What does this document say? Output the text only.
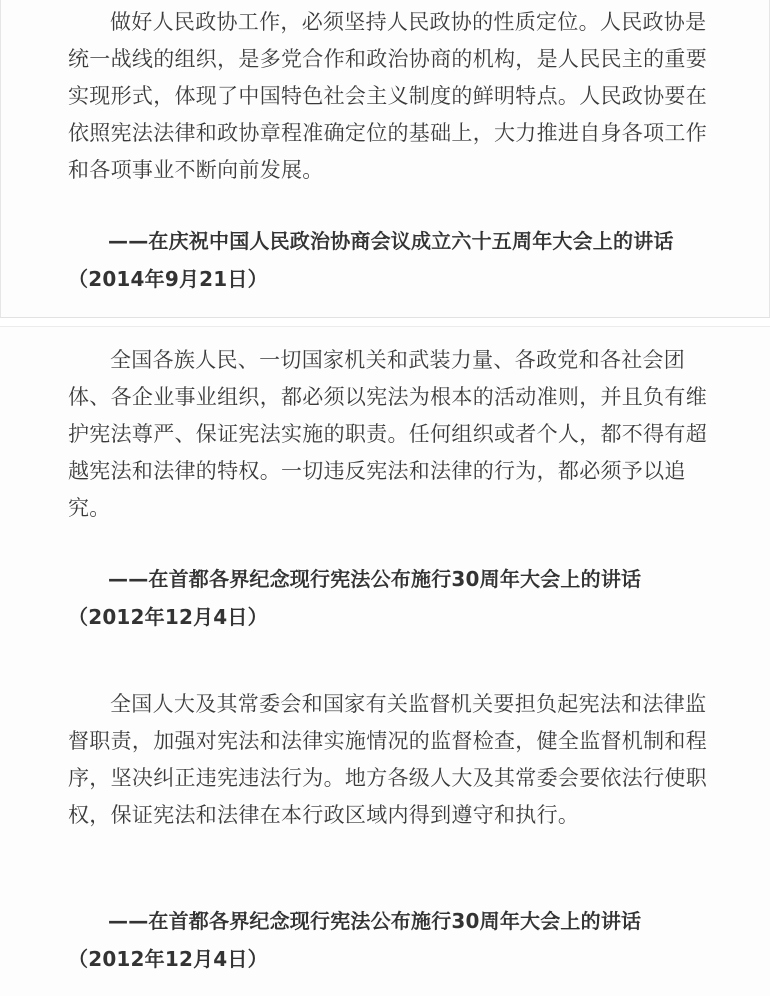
做好人民政协工作，必须坚持人民政协的性质定位。人民政协是统一战线的组织，是多党合作和政治协商的机构，是人民民主的重要实现形式，体现了中国特色社会主义制度的鲜明特点。人民政协要在依照宪法法律和政协章程准确定位的基础上，大力推进自身各项工作和各项事业不断向前发展。

——在庆祝中国人民政治协商会议成立六十五周年大会上的讲话（2014年9月21日）

全国各族人民、一切国家机关和武装力量、各政党和各社会团体、各企业事业组织，都必须以宪法为根本的活动准则，并且负有维护宪法尊严、保证宪法实施的职责。任何组织或者个人，都不得有超越宪法和法律的特权。一切违反宪法和法律的行为，都必须予以追究。

——在首都各界纪念现行宪法公布施行30周年大会上的讲话（2012年12月4日）

全国人大及其常委会和国家有关监督机关要担负起宪法和法律监督职责，加强对宪法和法律实施情况的监督检查，健全监督机制和程序，坚决纠正违宪违法行为。地方各级人大及其常委会要依法行使职权，保证宪法和法律在本行政区域内得到遵守和执行。

——在首都各界纪念现行宪法公布施行30周年大会上的讲话（2012年12月4日）
